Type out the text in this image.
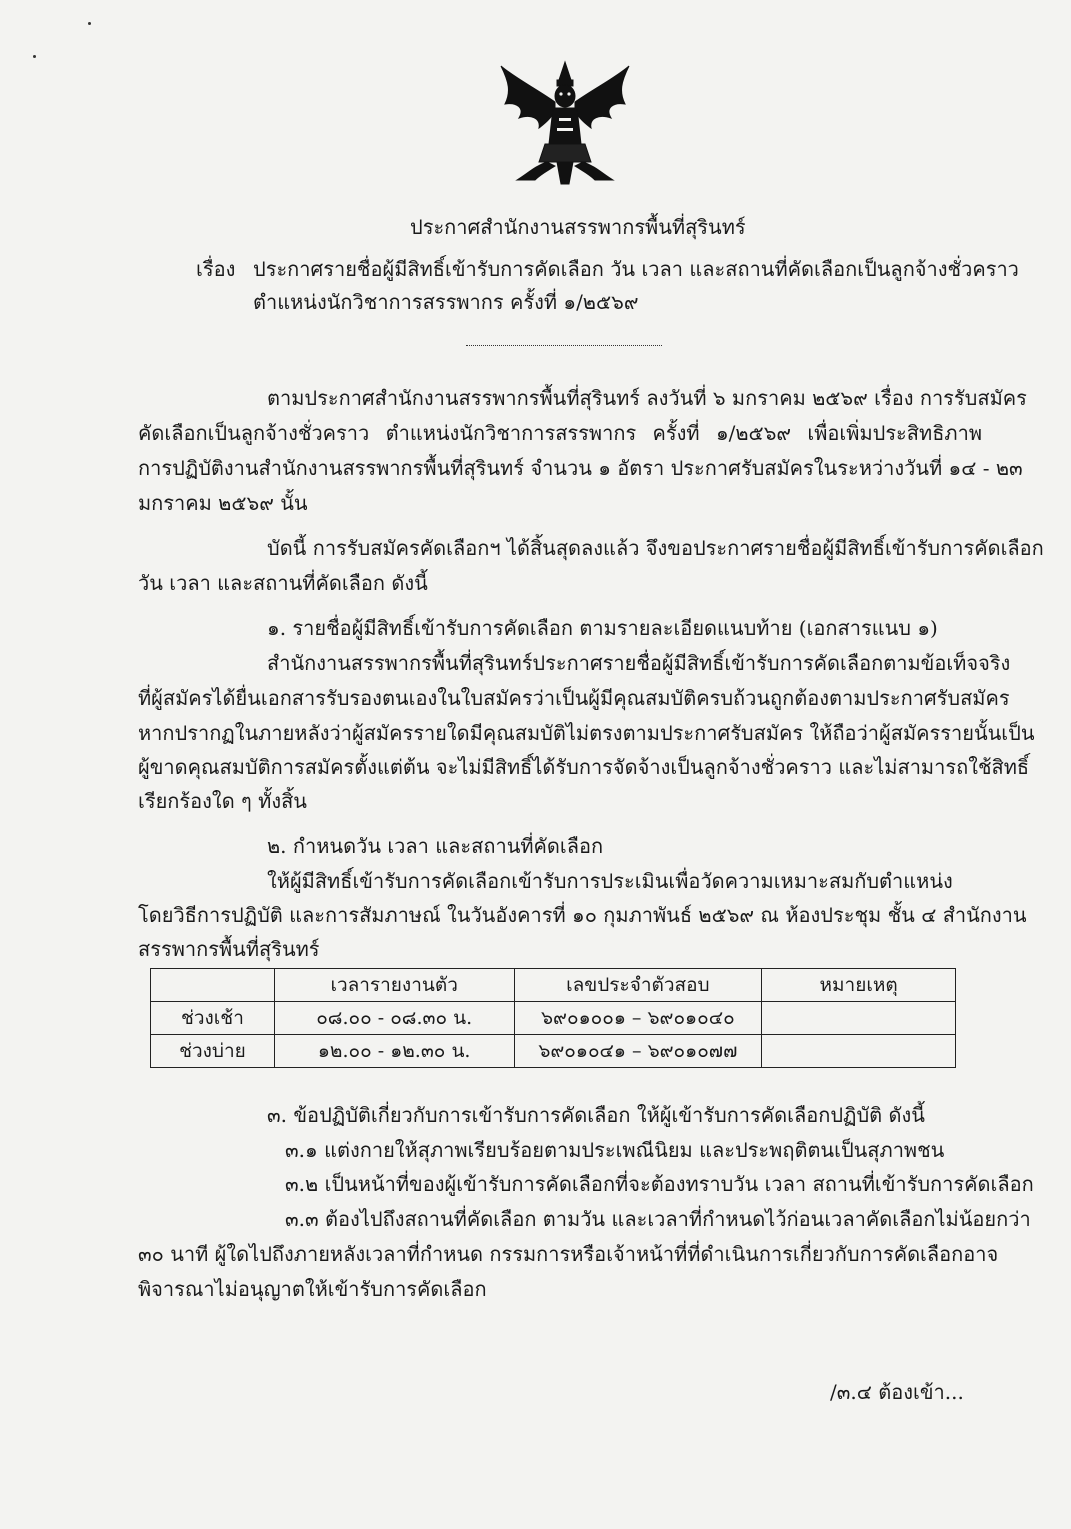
ประกาศสำนักงานสรรพากรพื้นที่สุรินทร์
เรื่อง ประกาศรายชื่อผู้มีสิทธิ์เข้ารับการคัดเลือก วัน เวลา และสถานที่คัดเลือกเป็นลูกจ้างชั่วคราว
ตำแหน่งนักวิชาการสรรพากร ครั้งที่ ๑/๒๕๖๙
ตามประกาศสำนักงานสรรพากรพื้นที่สุรินทร์ ลงวันที่ ๖ มกราคม ๒๕๖๙ เรื่อง การรับสมัคร
คัดเลือกเป็นลูกจ้างชั่วคราว ตำแหน่งนักวิชาการสรรพากร ครั้งที่ ๑/๒๕๖๙ เพื่อเพิ่มประสิทธิภาพ
การปฏิบัติงานสำนักงานสรรพากรพื้นที่สุรินทร์ จำนวน ๑ อัตรา ประกาศรับสมัครในระหว่างวันที่ ๑๔ - ๒๓
มกราคม ๒๕๖๙ นั้น
บัดนี้ การรับสมัครคัดเลือกฯ ได้สิ้นสุดลงแล้ว จึงขอประกาศรายชื่อผู้มีสิทธิ์เข้ารับการคัดเลือก
วัน เวลา และสถานที่คัดเลือก ดังนี้
๑. รายชื่อผู้มีสิทธิ์เข้ารับการคัดเลือก ตามรายละเอียดแนบท้าย (เอกสารแนบ ๑)
สำนักงานสรรพากรพื้นที่สุรินทร์ประกาศรายชื่อผู้มีสิทธิ์เข้ารับการคัดเลือกตามข้อเท็จจริง
ที่ผู้สมัครได้ยื่นเอกสารรับรองตนเองในใบสมัครว่าเป็นผู้มีคุณสมบัติครบถ้วนถูกต้องตามประกาศรับสมัคร
หากปรากฏในภายหลังว่าผู้สมัครรายใดมีคุณสมบัติไม่ตรงตามประกาศรับสมัคร ให้ถือว่าผู้สมัครรายนั้นเป็น
ผู้ขาดคุณสมบัติการสมัครตั้งแต่ต้น จะไม่มีสิทธิ์ได้รับการจัดจ้างเป็นลูกจ้างชั่วคราว และไม่สามารถใช้สิทธิ์
เรียกร้องใด ๆ ทั้งสิ้น
๒. กำหนดวัน เวลา และสถานที่คัดเลือก
ให้ผู้มีสิทธิ์เข้ารับการคัดเลือกเข้ารับการประเมินเพื่อวัดความเหมาะสมกับตำแหน่ง
โดยวิธีการปฏิบัติ และการสัมภาษณ์ ในวันอังคารที่ ๑๐ กุมภาพันธ์ ๒๕๖๙ ณ ห้องประชุม ชั้น ๔ สำนักงาน
สรรพากรพื้นที่สุรินทร์
	เวลารายงานตัว	เลขประจำตัวสอบ	หมายเหตุ
ช่วงเช้า	๐๘.๐๐ - ๐๘.๓๐ น.	๖๙๐๑๐๐๑ – ๖๙๐๑๐๔๐	
ช่วงบ่าย	๑๒.๐๐ - ๑๒.๓๐ น.	๖๙๐๑๐๔๑ – ๖๙๐๑๐๗๗	
๓. ข้อปฏิบัติเกี่ยวกับการเข้ารับการคัดเลือก ให้ผู้เข้ารับการคัดเลือกปฏิบัติ ดังนี้
๓.๑ แต่งกายให้สุภาพเรียบร้อยตามประเพณีนิยม และประพฤติตนเป็นสุภาพชน
๓.๒ เป็นหน้าที่ของผู้เข้ารับการคัดเลือกที่จะต้องทราบวัน เวลา สถานที่เข้ารับการคัดเลือก
๓.๓ ต้องไปถึงสถานที่คัดเลือก ตามวัน และเวลาที่กำหนดไว้ก่อนเวลาคัดเลือกไม่น้อยกว่า
๓๐ นาที ผู้ใดไปถึงภายหลังเวลาที่กำหนด กรรมการหรือเจ้าหน้าที่ที่ดำเนินการเกี่ยวกับการคัดเลือกอาจ
พิจารณาไม่อนุญาตให้เข้ารับการคัดเลือก
/๓.๔ ต้องเข้า...
